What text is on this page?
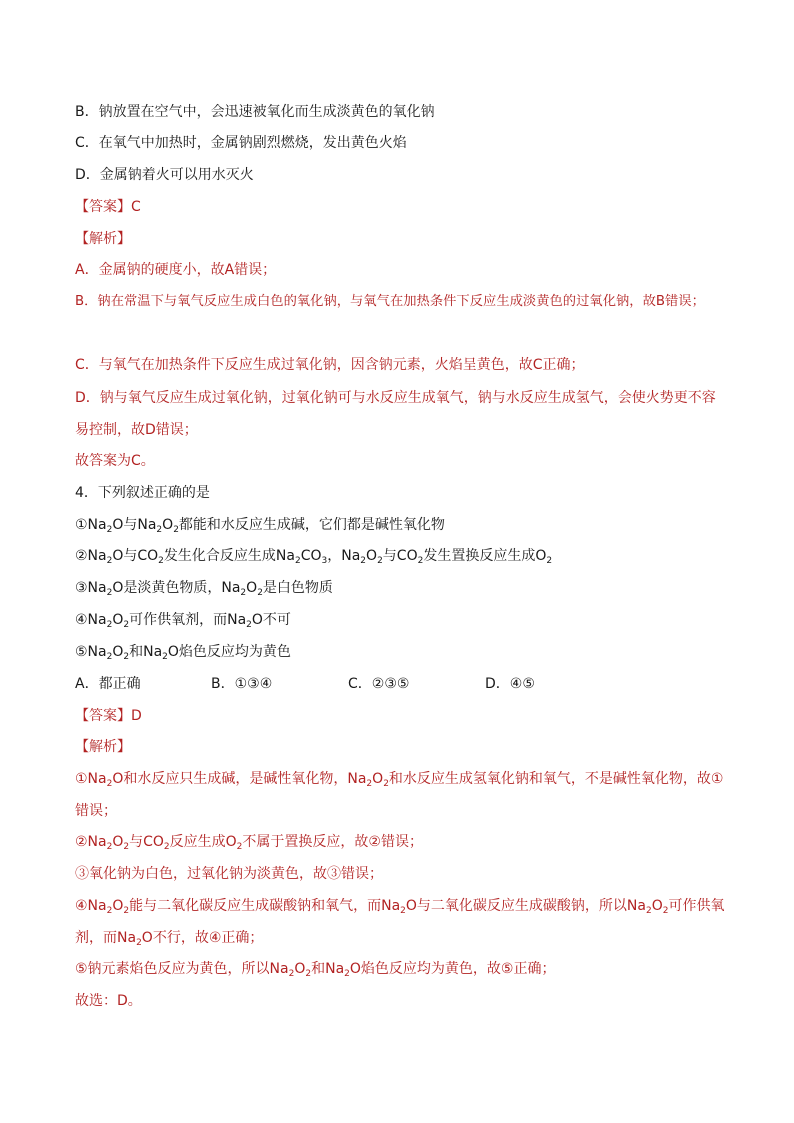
B．钠放置在空气中，会迅速被氧化而生成淡黄色的氧化钠
C．在氧气中加热时，金属钠剧烈燃烧，发出黄色火焰
D．金属钠着火可以用水灭火
【答案】C
【解析】
A．金属钠的硬度小，故A错误；
B．钠在常温下与氧气反应生成白色的氧化钠，与氧气在加热条件下反应生成淡黄色的过氧化钠，故B错误；
C．与氧气在加热条件下反应生成过氧化钠，因含钠元素，火焰呈黄色，故C正确；
D．钠与氧气反应生成过氧化钠，过氧化钠可与水反应生成氧气，钠与水反应生成氢气，会使火势更不容
易控制，故D错误；
故答案为C。
4．下列叙述正确的是
$①Na_2O$与$Na_2O_2$都能和水反应生成碱，它们都是碱性氧化物
$②Na_2O$与$CO_2$发生化合反应生成$Na_2CO_3$，$Na_2O_2$与$CO_2$发生置换反应生成$O_2$
$③Na_2O$是淡黄色物质，$Na_2O_2$是白色物质
$④Na_2O_2$可作供氧剂，而$Na_2O$不可
$⑤Na_2O_2$和$Na_2O$焰色反应均为黄色
A．都正确	B．①③④	C．②③⑤	D．④⑤
【答案】D
【解析】
$①Na_2O$和水反应只生成碱，是碱性氧化物，$Na_2O_2$和水反应生成氢氧化钠和氧气，不是碱性氧化物，故①
错误；
$②Na_2O_2$与$CO_2$反应生成$O_2$不属于置换反应，故②错误；
③氧化钠为白色，过氧化钠为淡黄色，故③错误；
$④Na_2O_2$能与二氧化碳反应生成碳酸钠和氧气，而$Na_2O$与二氧化碳反应生成碳酸钠，所以$Na_2O_2$可作供氧
剂，而$Na_2O$不行，故④正确；
⑤钠元素焰色反应为黄色，所以$Na_2O_2$和$Na_2O$焰色反应均为黄色，故⑤正确；
故选：D。
